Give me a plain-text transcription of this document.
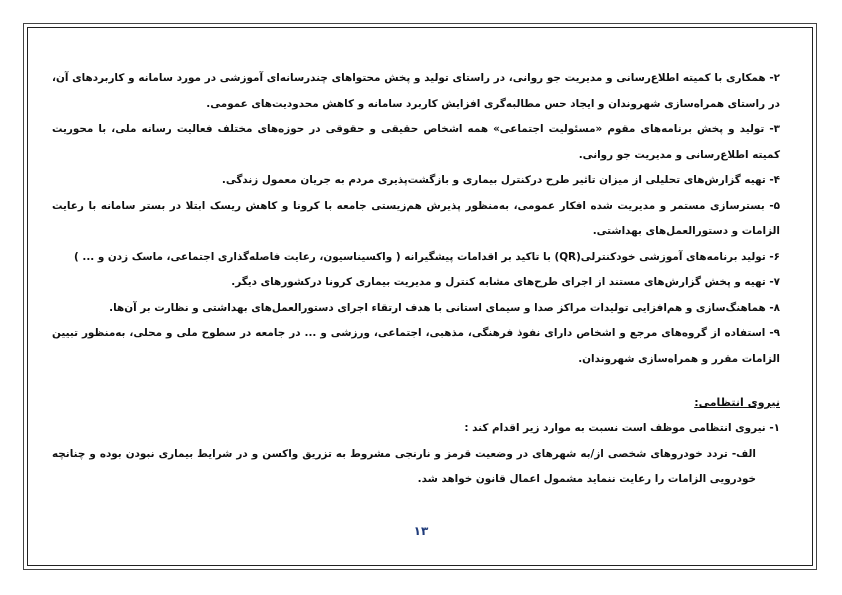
۲- همکاری با کمیته اطلاع‌رسانی و مدیریت جو روانی، در راستای تولید و پخش محتواهای چندرسانه‌ای آموزشی در مورد سامانه و کاربردهای آن، در راستای همراه‌سازی شهروندان و ایجاد حس مطالبه‌گری افزایش کاربرد سامانه و کاهش محدودیت‌های عمومی.

۳- تولید و پخش برنامه‌های مقوم «مسئولیت اجتماعی» همه اشخاص حقیقی و حقوقی در حوزه‌های مختلف فعالیت رسانه ملی، با محوریت کمیته اطلاع‌رسانی و مدیریت جو روانی.

۴- تهیه گزارش‌های تحلیلی از میزان تاثیر طرح درکنترل بیماری و بازگشت‌پذیری مردم به جریان معمول زندگی.

۵- بسترسازی مستمر و مدیریت شده افکار عمومی، به‌منظور پذیرش هم‌زیستی جامعه با کرونا و کاهش ریسک ابتلا در بستر سامانه با رعایت الزامات و دستورالعمل‌های بهداشتی.

۶- تولید برنامه‌های آموزشی خودکنترلی(QR) با تاکید بر اقدامات پیشگیرانه ( واکسیناسیون، رعایت فاصله‌گذاری اجتماعی، ماسک زدن و ... )

۷- تهیه و پخش گزارش‌های مستند از اجرای طرح‌های مشابه کنترل و مدیریت بیماری کرونا درکشورهای دیگر.

۸- هماهنگ‌سازی و هم‌افزایی تولیدات مراکز صدا و سیمای استانی با هدف ارتقاء اجرای دستورالعمل‌های بهداشتی و نظارت بر آن‌ها.

۹- استفاده از گروه‌های مرجع و اشخاص دارای نفوذ فرهنگی، مذهبی، اجتماعی، ورزشی و ... در جامعه در سطوح ملی و محلی، به‌منظور تبیین الزامات مقرر و همراه‌سازی شهروندان.

نیروی انتظامی:

۱- نیروی انتظامی موظف است نسبت به موارد زیر اقدام کند :

الف- تردد خودروهای شخصی از/به شهرهای در وضعیت قرمز و نارنجی مشروط به تزریق واکسن و در شرایط بیماری نبودن بوده و چنانچه خودرویی الزامات را رعایت ننماید مشمول اعمال قانون خواهد شد.

۱۳
